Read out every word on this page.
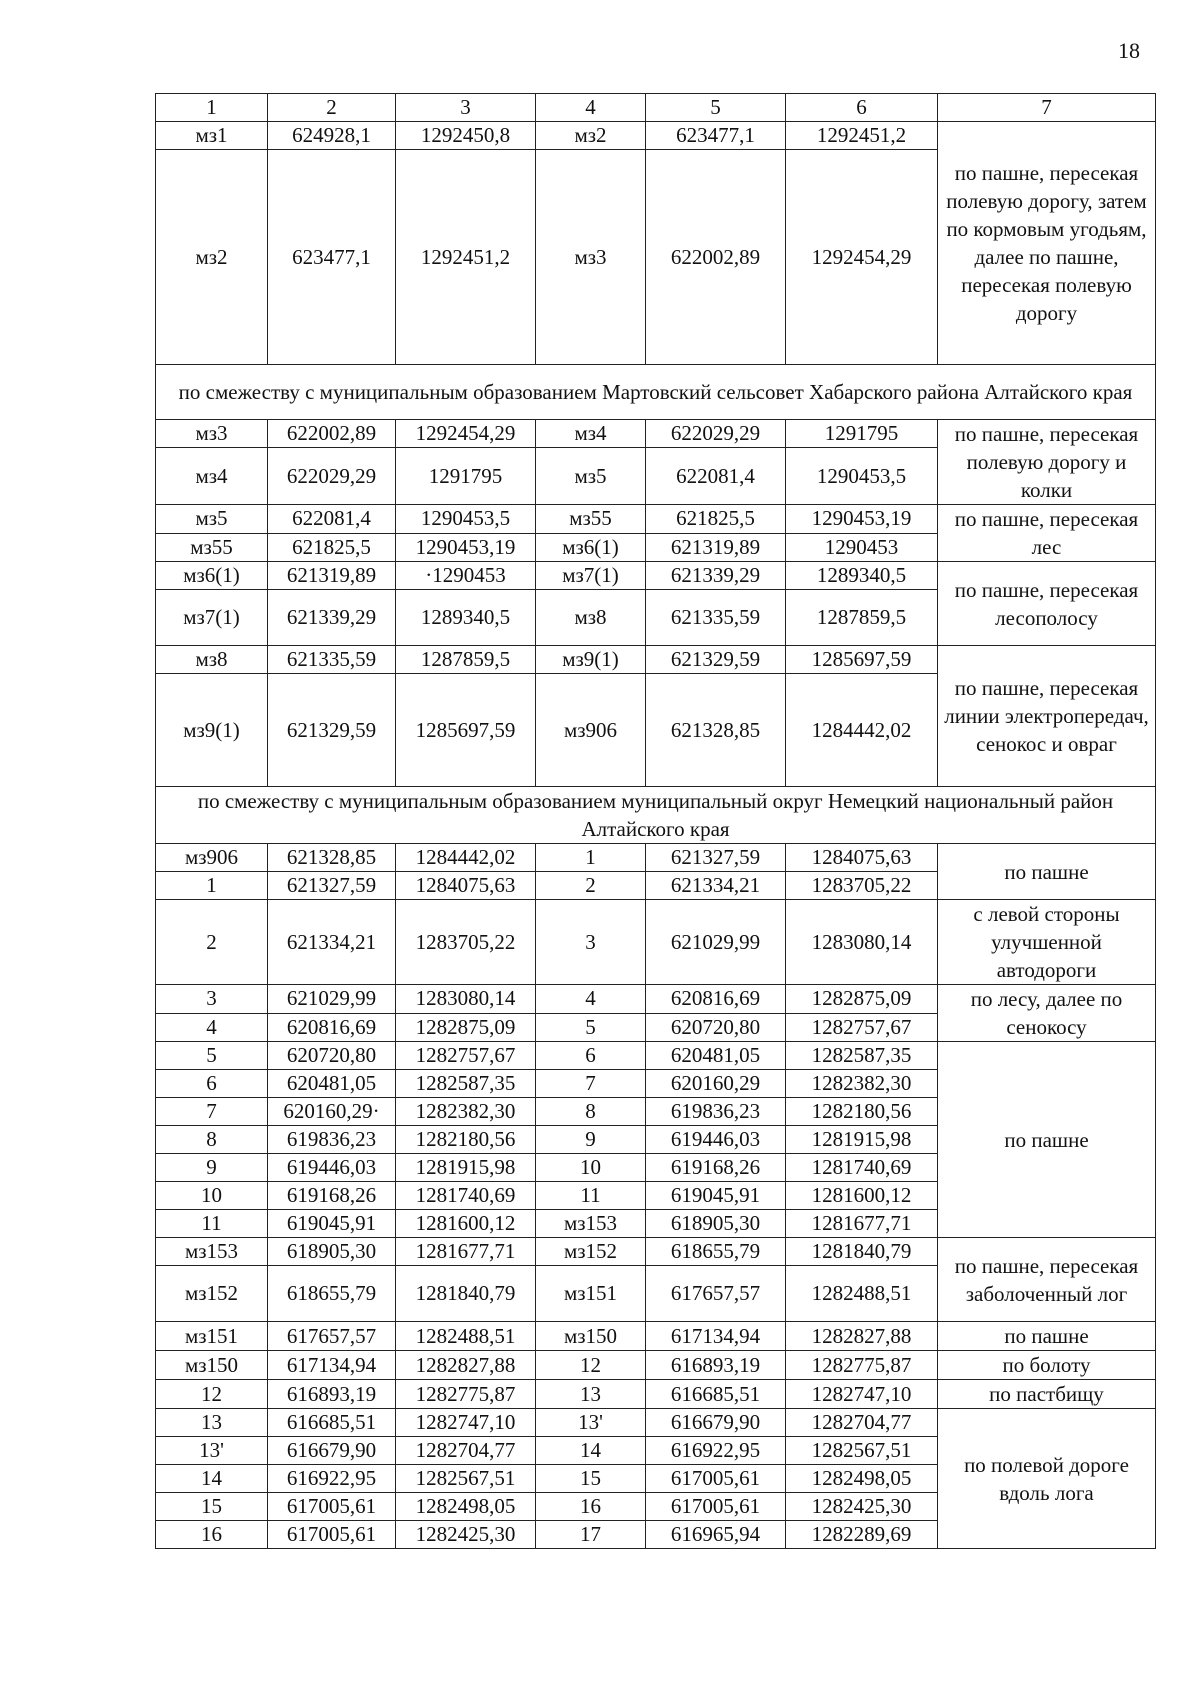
18
1	2	3	4	5	6	7
мз1	624928,1	1292450,8	мз2	623477,1	1292451,2	по пашне, пересекая полевую дорогу, затем по кормовым угодьям, далее по пашне, пересекая полевую дорогу
мз2	623477,1	1292451,2	мз3	622002,89	1292454,29	
по смежеству с муниципальным образованием Мартовский сельсовет Хабарского района Алтайского края						
мз3	622002,89	1292454,29	мз4	622029,29	1291795	по пашне, пересекая полевую дорогу и колки
мз4	622029,29	1291795	мз5	622081,4	1290453,5	
мз5	622081,4	1290453,5	мз55	621825,5	1290453,19	по пашне, пересекая лес
мз55	621825,5	1290453,19	мз6(1)	621319,89	1290453	
мз6(1)	621319,89	·1290453	мз7(1)	621339,29	1289340,5	по пашне, пересекая лесополосу
мз7(1)	621339,29	1289340,5	мз8	621335,59	1287859,5	
мз8	621335,59	1287859,5	мз9(1)	621329,59	1285697,59	по пашне, пересекая линии электропередач, сенокос и овраг
мз9(1)	621329,59	1285697,59	мз906	621328,85	1284442,02	
по смежеству с муниципальным образованием муниципальный округ Немецкий национальный район Алтайского края						
мз906	621328,85	1284442,02	1	621327,59	1284075,63	по пашне
1	621327,59	1284075,63	2	621334,21	1283705,22	
2	621334,21	1283705,22	3	621029,99	1283080,14	с левой стороны улучшенной автодороги
3	621029,99	1283080,14	4	620816,69	1282875,09	по лесу, далее по сенокосу
4	620816,69	1282875,09	5	620720,80	1282757,67	
5	620720,80	1282757,67	6	620481,05	1282587,35	по пашне
6	620481,05	1282587,35	7	620160,29	1282382,30	
7	620160,29·	1282382,30	8	619836,23	1282180,56	
8	619836,23	1282180,56	9	619446,03	1281915,98	
9	619446,03	1281915,98	10	619168,26	1281740,69	
10	619168,26	1281740,69	11	619045,91	1281600,12	
11	619045,91	1281600,12	мз153	618905,30	1281677,71	
мз153	618905,30	1281677,71	мз152	618655,79	1281840,79	по пашне, пересекая заболоченный лог
мз152	618655,79	1281840,79	мз151	617657,57	1282488,51	
мз151	617657,57	1282488,51	мз150	617134,94	1282827,88	по пашне
мз150	617134,94	1282827,88	12	616893,19	1282775,87	по болоту
12	616893,19	1282775,87	13	616685,51	1282747,10	по пастбищу
13	616685,51	1282747,10	13'	616679,90	1282704,77	по полевой дороге вдоль лога
13'	616679,90	1282704,77	14	616922,95	1282567,51	
14	616922,95	1282567,51	15	617005,61	1282498,05	
15	617005,61	1282498,05	16	617005,61	1282425,30	
16	617005,61	1282425,30	17	616965,94	1282289,69	
